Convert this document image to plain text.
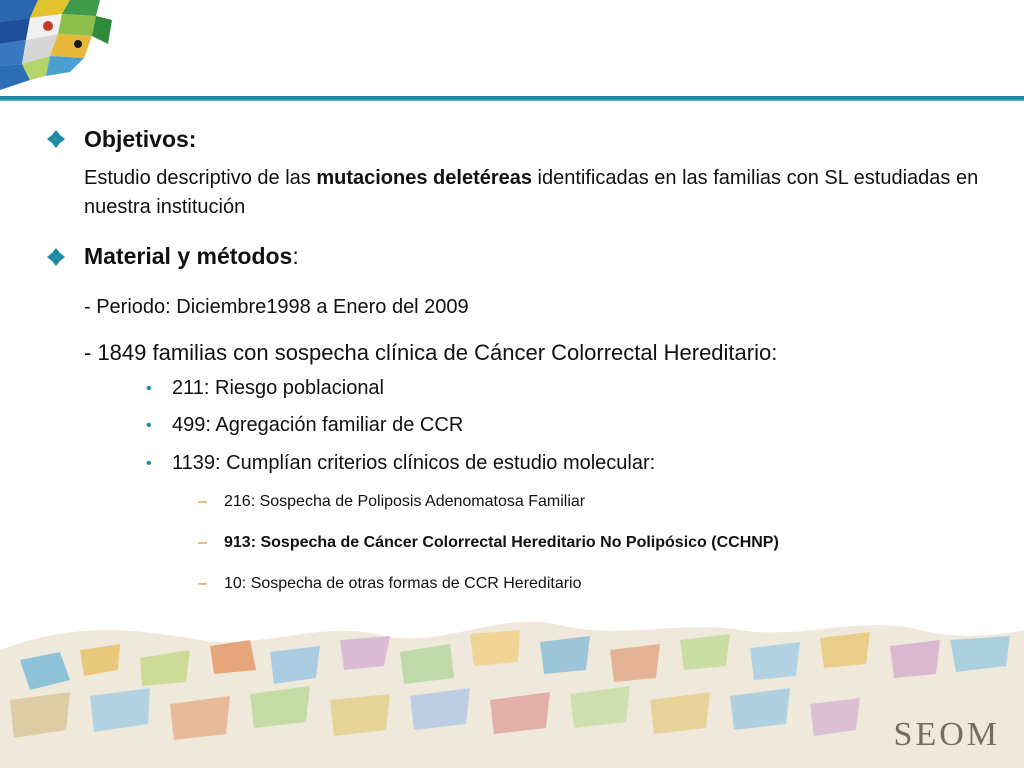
Objetivos:
Estudio descriptivo de las mutaciones deletéreas identificadas en las familias con SL estudiadas en nuestra institución
Material y métodos:
- Periodo: Diciembre1998 a Enero del 2009
- 1849 familias con sospecha clínica de Cáncer Colorrectal Hereditario:
• 211: Riesgo poblacional
• 499: Agregación familiar de CCR
• 1139: Cumplían criterios clínicos de estudio molecular:
– 216: Sospecha de Poliposis Adenomatosa Familiar
– 913: Sospecha de Cáncer Colorrectal Hereditario No Polipósico (CCHNP)
– 10: Sospecha de otras formas de CCR Hereditario
SEOM
